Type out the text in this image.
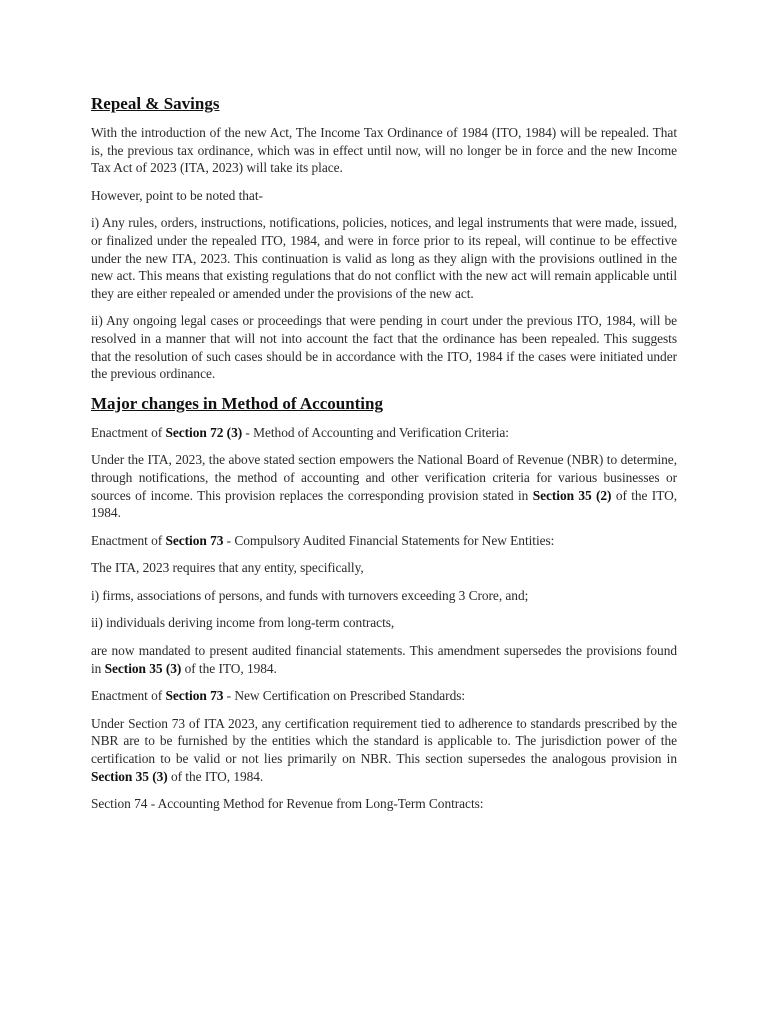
Repeal & Savings

With the introduction of the new Act, The Income Tax Ordinance of 1984 (ITO, 1984) will be repealed. That is, the previous tax ordinance, which was in effect until now, will no longer be in force and the new Income Tax Act of 2023 (ITA, 2023) will take its place.

However, point to be noted that-

i) Any rules, orders, instructions, notifications, policies, notices, and legal instruments that were made, issued, or finalized under the repealed ITO, 1984, and were in force prior to its repeal, will continue to be effective under the new ITA, 2023. This continuation is valid as long as they align with the provisions outlined in the new act. This means that existing regulations that do not conflict with the new act will remain applicable until they are either repealed or amended under the provisions of the new act.

ii) Any ongoing legal cases or proceedings that were pending in court under the previous ITO, 1984, will be resolved in a manner that will not into account the fact that the ordinance has been repealed. This suggests that the resolution of such cases should be in accordance with the ITO, 1984 if the cases were initiated under the previous ordinance.

Major changes in Method of Accounting

Enactment of Section 72 (3) - Method of Accounting and Verification Criteria:

Under the ITA, 2023, the above stated section empowers the National Board of Revenue (NBR) to determine, through notifications, the method of accounting and other verification criteria for various businesses or sources of income. This provision replaces the corresponding provision stated in Section 35 (2) of the ITO, 1984.

Enactment of Section 73 - Compulsory Audited Financial Statements for New Entities:

The ITA, 2023 requires that any entity, specifically,

i) firms, associations of persons, and funds with turnovers exceeding 3 Crore, and;

ii) individuals deriving income from long-term contracts,

are now mandated to present audited financial statements. This amendment supersedes the provisions found in Section 35 (3) of the ITO, 1984.

Enactment of Section 73 - New Certification on Prescribed Standards:

Under Section 73 of ITA 2023, any certification requirement tied to adherence to standards prescribed by the NBR are to be furnished by the entities which the standard is applicable to. The jurisdiction power of the certification to be valid or not lies primarily on NBR. This section supersedes the analogous provision in Section 35 (3) of the ITO, 1984.

Section 74 - Accounting Method for Revenue from Long-Term Contracts:
